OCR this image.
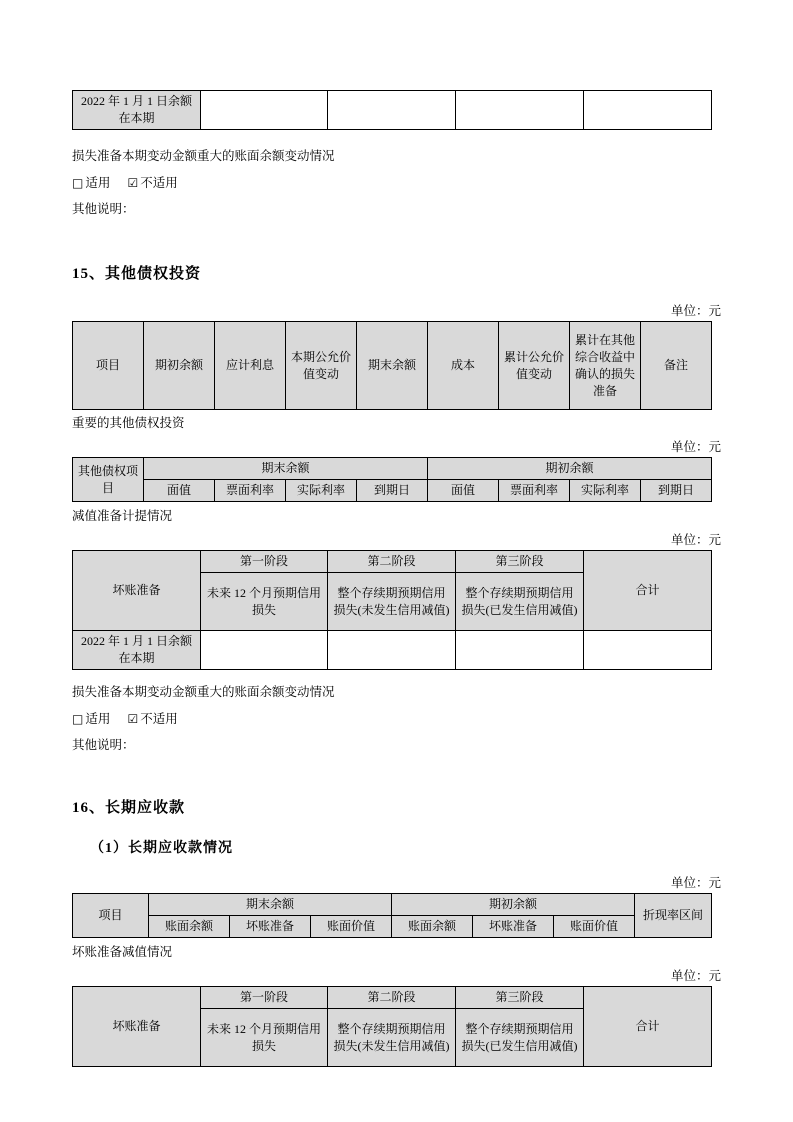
2022 年 1 月 1 日余额在本期				
损失准备本期变动金额重大的账面余额变动情况
□ 适用 ☑ 不适用
其他说明：
15、其他债权投资
单位：元
项目	期初余额	应计利息	本期公允价值变动	期末余额	成本	累计公允价值变动	累计在其他综合收益中确认的损失准备	备注
重要的其他债权投资
单位：元
其他债权项目	期末余额				期初余额			
	面值	票面利率	实际利率	到期日	面值	票面利率	实际利率	到期日
减值准备计提情况
单位：元
坏账准备	第一阶段	第二阶段	第三阶段	合计
	未来 12 个月预期信用损失	整个存续期预期信用损失(未发生信用减值)	整个存续期预期信用损失(已发生信用减值)	
2022 年 1 月 1 日余额在本期				
损失准备本期变动金额重大的账面余额变动情况
□ 适用 ☑ 不适用
其他说明：
16、长期应收款
（1）长期应收款情况
单位：元
项目	期末余额			期初余额			折现率区间
	账面余额	坏账准备	账面价值	账面余额	坏账准备	账面价值	
坏账准备减值情况
单位：元
坏账准备	第一阶段	第二阶段	第三阶段	合计
	未来 12 个月预期信用损失	整个存续期预期信用损失(未发生信用减值)	整个存续期预期信用损失(已发生信用减值)	
